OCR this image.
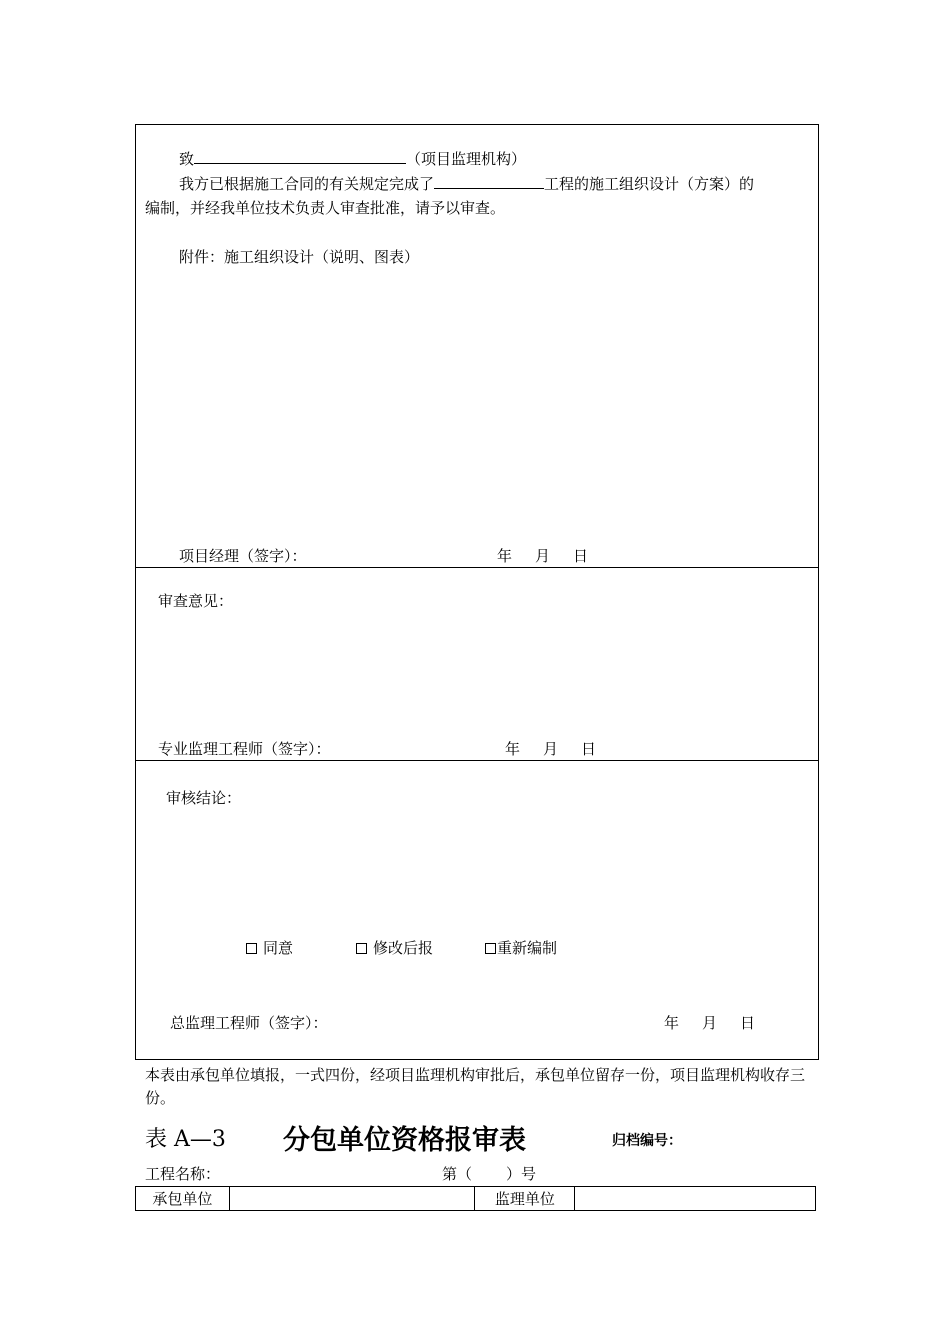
致	（项目监理机构）
我方已根据施工合同的有关规定完成了	工程的施工组织设计（方案）的
编制，并经我单位技术负责人审查批准，请予以审查。
附件：施工组织设计（说明、图表）
项目经理（签字）：	年 月 日
审查意见：
专业监理工程师（签字）：	年 月 日
审核结论：
同意	修改后报	重新编制
总监理工程师（签字）：	年 月 日
本表由承包单位填报，一式四份，经项目监理机构审批后，承包单位留存一份，项目监理机构收存三份。
表 A—3 分包单位资格报审表	归档编号：
工程名称：	第（ ）号
承包单位		监理单位	
